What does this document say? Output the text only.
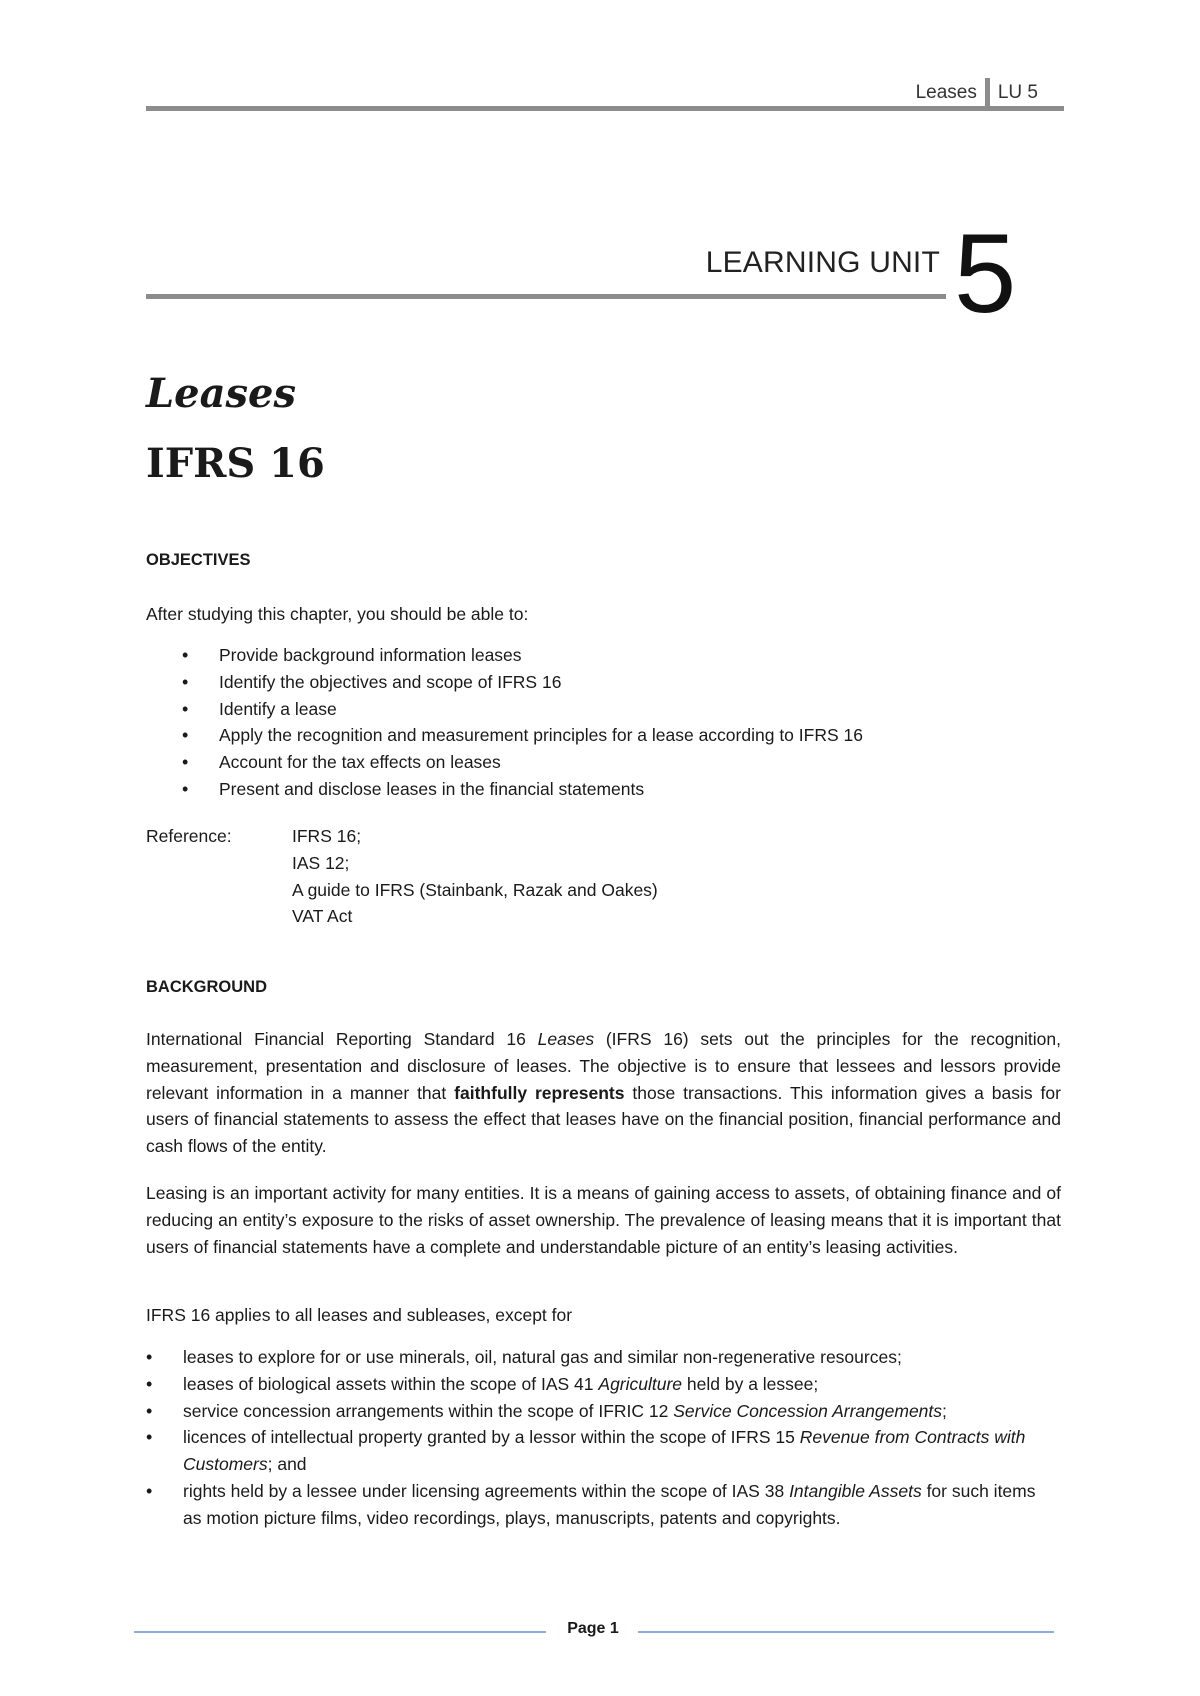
Leases	LU 5
LEARNING UNIT 5
Leases
IFRS 16
OBJECTIVES
After studying this chapter, you should be able to:
• Provide background information leases
• Identify the objectives and scope of IFRS 16
• Identify a lease
• Apply the recognition and measurement principles for a lease according to IFRS 16
• Account for the tax effects on leases
• Present and disclose leases in the financial statements
Reference:	IFRS 16;
IAS 12;
A guide to IFRS (Stainbank, Razak and Oakes)
VAT Act
BACKGROUND

International Financial Reporting Standard 16 Leases (IFRS 16) sets out the principles for the recognition, measurement, presentation and disclosure of leases. The objective is to ensure that lessees and lessors provide relevant information in a manner that faithfully represents those transactions. This information gives a basis for users of financial statements to assess the effect that leases have on the financial position, financial performance and cash flows of the entity.

Leasing is an important activity for many entities. It is a means of gaining access to assets, of obtaining finance and of reducing an entity’s exposure to the risks of asset ownership. The prevalence of leasing means that it is important that users of financial statements have a complete and understandable picture of an entity’s leasing activities.

IFRS 16 applies to all leases and subleases, except for

• leases to explore for or use minerals, oil, natural gas and similar non-regenerative resources;
• leases of biological assets within the scope of IAS 41 Agriculture held by a lessee;
• service concession arrangements within the scope of IFRIC 12 Service Concession Arrangements;
• licences of intellectual property granted by a lessor within the scope of IFRS 15 Revenue from Contracts with Customers; and
• rights held by a lessee under licensing agreements within the scope of IAS 38 Intangible Assets for such items as motion picture films, video recordings, plays, manuscripts, patents and copyrights.
Page 1
